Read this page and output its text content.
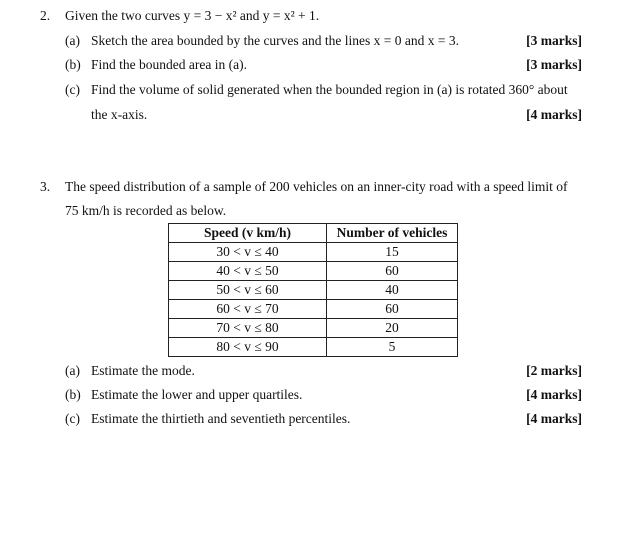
2. Given the two curves y = 3 − x² and y = x² + 1.
(a) Sketch the area bounded by the curves and the lines x = 0 and x = 3.	[3 marks]
(b) Find the bounded area in (a).	[3 marks]
(c) Find the volume of solid generated when the bounded region in (a) is rotated 360° about
the x-axis.	[4 marks]
3. The speed distribution of a sample of 200 vehicles on an inner-city road with a speed limit of
75 km/h is recorded as below.
Speed (v km/h)	Number of vehicles
30 < v ≤ 40	15
40 < v ≤ 50	60
50 < v ≤ 60	40
60 < v ≤ 70	60
70 < v ≤ 80	20
80 < v ≤ 90	5
(a) Estimate the mode.	[2 marks]
(b) Estimate the lower and upper quartiles.	[4 marks]
(c) Estimate the thirtieth and seventieth percentiles.	[4 marks]
